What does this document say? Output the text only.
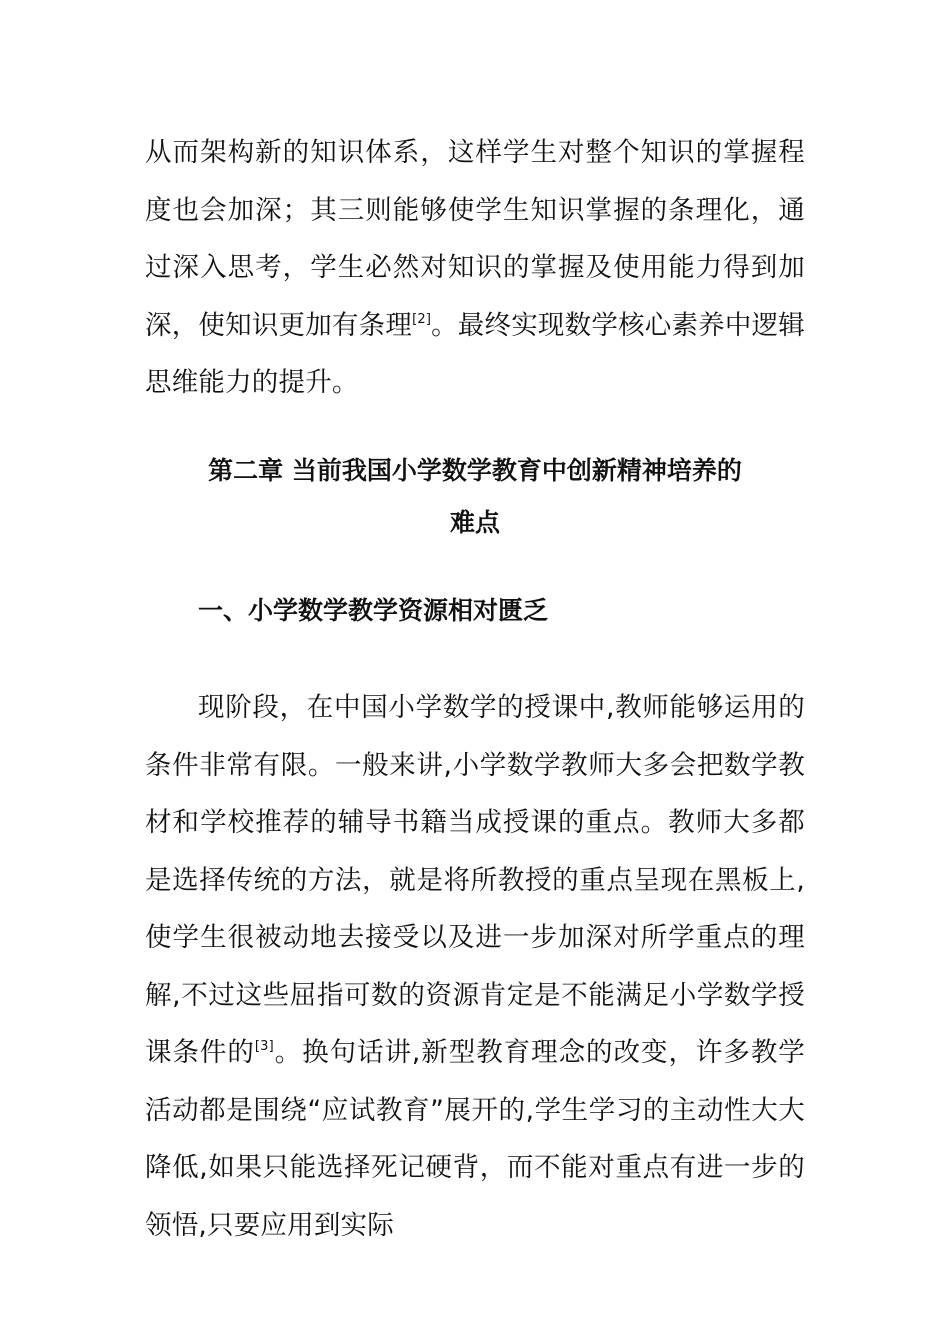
从而架构新的知识体系，这样学生对整个知识的掌握程度也会加深；其三则能够使学生知识掌握的条理化，通过深入思考，学生必然对知识的掌握及使用能力得到加深，使知识更加有条理[2]。最终实现数学核心素养中逻辑思维能力的提升。

第二章 当前我国小学数学教育中创新精神培养的难点
一、小学数学教学资源相对匮乏

现阶段，在中国小学数学的授课中,教师能够运用的条件非常有限。一般来讲,小学数学教师大多会把数学教材和学校推荐的辅导书籍当成授课的重点。教师大多都是选择传统的方法，就是将所教授的重点呈现在黑板上,使学生很被动地去接受以及进一步加深对所学重点的理解,不过这些屈指可数的资源肯定是不能满足小学数学授课条件的[3]。换句话讲,新型教育理念的改变，许多教学活动都是围绕“应试教育”展开的,学生学习的主动性大大降低,如果只能选择死记硬背，而不能对重点有进一步的领悟,只要应用到实际
